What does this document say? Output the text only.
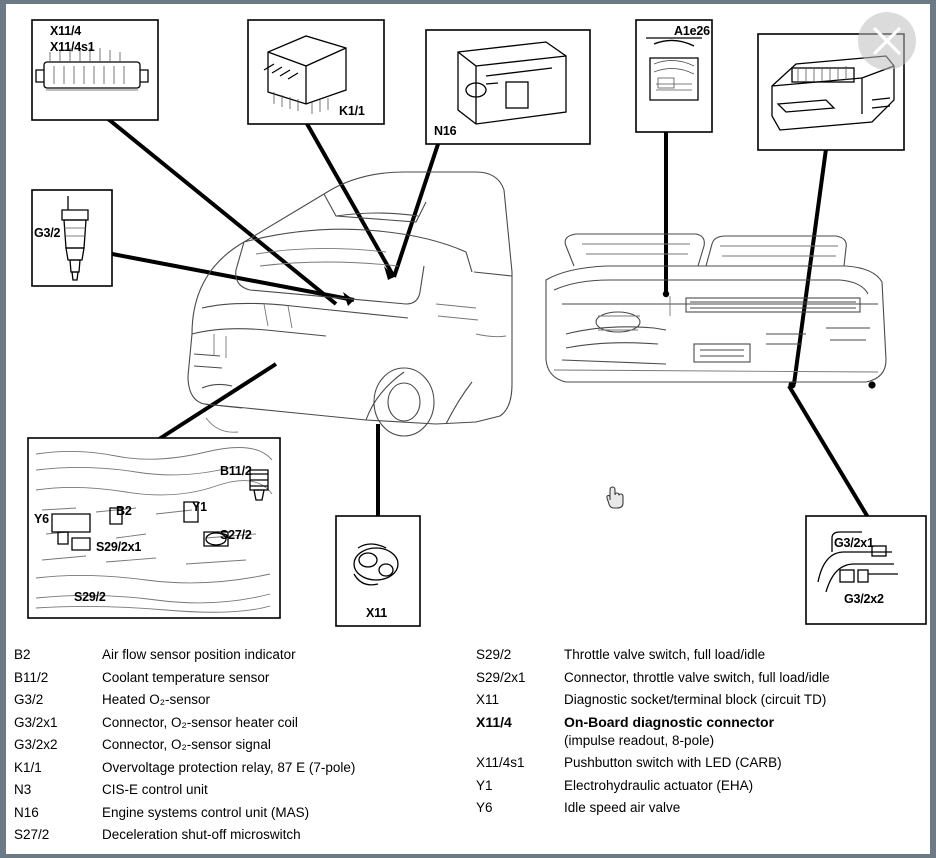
X11/4
X11/4s1
K1/1
N16
A1e26
G3/2
B11/2
B2	Y1
Y6
S27/2
S29/2x1
S29/2
X11
G3/2x1
G3/2x2
B2	Air flow sensor position indicator
B11/2	Coolant temperature sensor
G3/2	Heated O₂-sensor
G3/2x1	Connector, O₂-sensor heater coil
G3/2x2	Connector, O₂-sensor signal
K1/1	Overvoltage protection relay, 87 E (7-pole)
N3	CIS-E control unit
N16	Engine systems control unit (MAS)
S27/2	Deceleration shut-off microswitch
S29/2	Throttle valve switch, full load/idle
S29/2x1	Connector, throttle valve switch, full load/idle
X11	Diagnostic socket/terminal block (circuit TD)
X11/4	On-Board diagnostic connector
(impulse readout, 8-pole)
X11/4s1	Pushbutton switch with LED (CARB)
Y1	Electrohydraulic actuator (EHA)
Y6	Idle speed air valve
